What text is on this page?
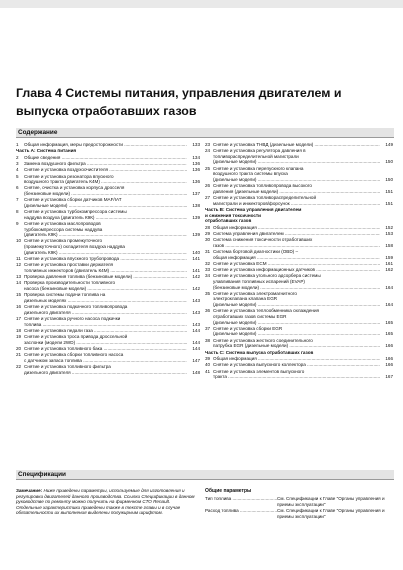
Глава 4 Системы питания, управления двигателем и выпуска отработавших газов
Содержание
1	Общая информация, меры предосторожности .....	133
Часть А: Система питания
2	Общие сведения .....	134
3	Замена воздушного фильтра .....	136
4	Снятие и установка воздухоочистителя .....	136
5	Снятие и установка резонатора впускного
воздушного тракта (двигатель К4М) .....	136
6	Снятие, очистка и установка корпуса дросселя
(бензиновые модели) .....	137
7	Снятие и установка сборки датчиков MAF/IAT
(дизельные модели) .....	138
8	Снятие и установка турбокомпрессора системы
наддува воздуха (двигатель К9К) .....	139
9	Снятие и установка маслопроводов
турбокомпрессора системы наддува
(двигатель К9К) .....	139
10 Снятие и установка промежуточного
(промежуточного) охладителя воздуха наддува
(двигатель К9К) .....	140
11 Снятие и установка впускного трубопровода .....	141
12 Снятие и установка проставки держателя
топливных инжекторов (двигатель К4М) .....	141
13 Проверка давления топлива (бензиновые модели) .....	142
14 Проверка производительности топливного
насоса (бензиновые модели) .....	142
15 Проверка системы подачи топлива на
дизельных моделях .....	143
16 Снятие и установка подкачного топливопровода
дизельного двигателя .....	143
17 Снятие и установка ручного насоса подкачки
топлива .....	143
18 Снятие и установка педали газа .....	144
19 Снятие и установка троса привода дроссельной
заслонки (модели 2WD) .....	144
20 Снятие и установка топливного бака .....	144
21 Снятие и установка сборки топливного насоса
с датчиком запаса топлива .....	147
22 Снятие и установка топливного фильтра
дизельного двигателя .....	148
23 Снятие и установка ТНВД (дизельные модели) .....	149
24 Снятие и установка регулятора давления в
топливораспределительной магистрали
(дизельные модели) .....	150
25 Снятие и установка перепускного клапана
воздушного тракта системы впуска
(дизельные модели) .....	150
26 Снятие и установка топливопровода высокого
давления (дизельные модели) .....	151
27 Снятие и установка топливораспределительной
магистрали и инжекторов/форсунок .....	151
Часть В: Система управления двигателем
и снижения токсичности
отработавших газов
28 Общая информация .....	152
29 Система управления двигателем .....	153
30 Система снижения токсичности отработавших
газов .....	158
31 Система бортовой диагностики (OBD) –
общая информация .....	159
32 Снятие и установка ECM .....	161
33 Снятие и установка информационных датчиков .....	162
34 Снятие и установка угольного адсорбера системы
улавливания топливных испарений (EVAP)
(бензиновые модели) .....	164
35 Снятие и установка электромагнитного
электроклапана клапана EGR
(дизельные модели) .....	164
36 Снятие и установка теплообменника охлаждения
отработавших газов системы EGR
(дизельные модели) .....	165
37 Снятие и установка сборки EGR
(дизельные модели) .....	165
38 Снятие и установка жесткого соединительного
патрубка EGR (дизельные модели) .....	166
Часть С: Система выпуска отработавших газов
39 Общая информация .....	166
40 Снятие и установка выпускного коллектора .....	166
41 Снятие и установка элементов выпускного
тракта .....	167
Спецификации
Замечание: Ниже приведены параметры, используемые для изготовления и регулировки двигателей данного производства. Ссылки Спецификации в данном руководстве по ремонту можно получить на фирменном СТО Renault. Отдельные характеристики приведены также в тексте главы и в случае обязательности их выполнения выделены полужирным шрифтом.
Общие параметры
Тип топлива .....	См. Спецификации к Главе "Органы управления и приемы эксплуатации"
Расход топлива .....	См. Спецификации к Главе "Органы управления и приемы эксплуатации"
